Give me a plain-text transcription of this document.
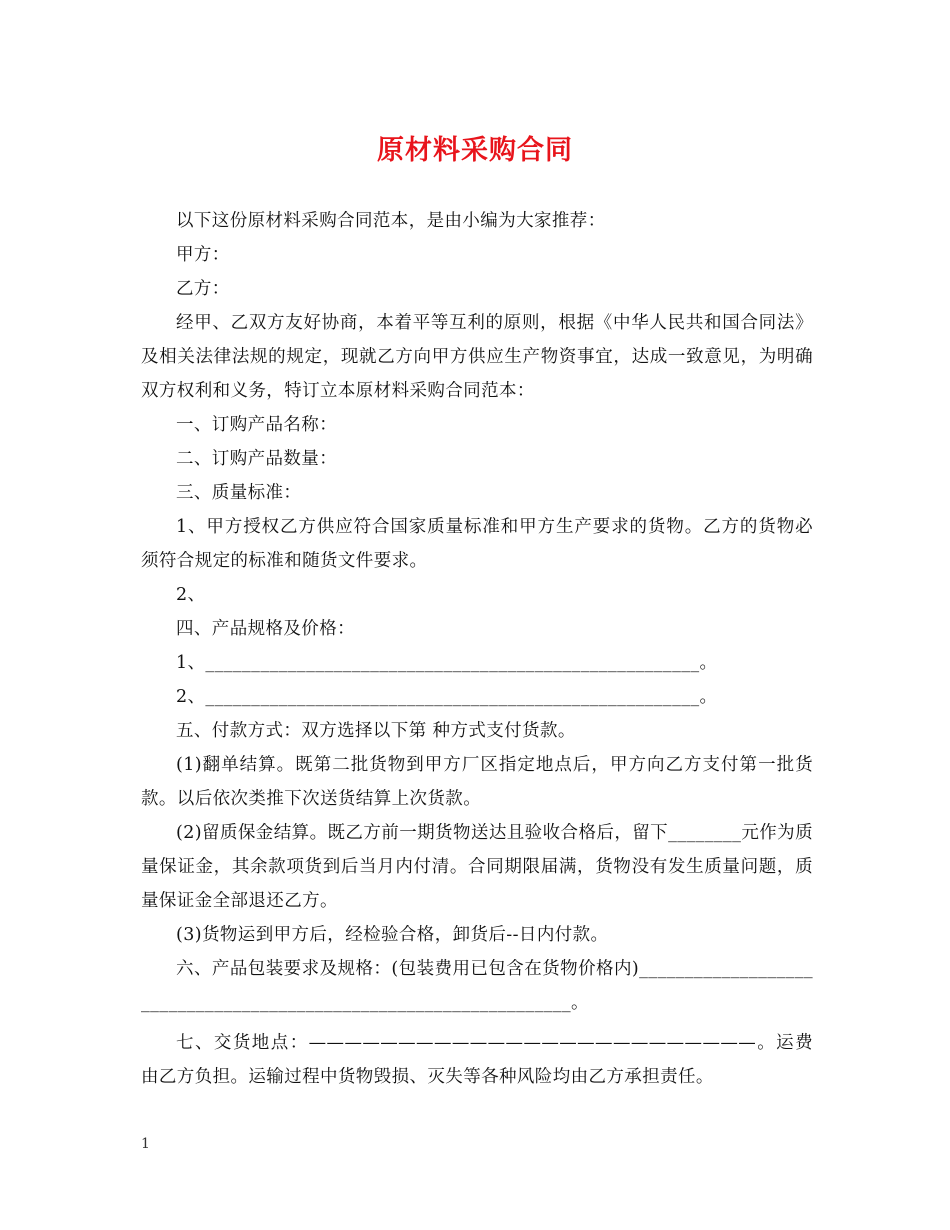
原材料采购合同

以下这份原材料采购合同范本，是由小编为大家推荐：

甲方：

乙方：

经甲、乙双方友好协商，本着平等互利的原则，根据《中华人民共和国合同法》及相关法律法规的规定，现就乙方向甲方供应生产物资事宜，达成一致意见，为明确双方权利和义务，特订立本原材料采购合同范本：

一、订购产品名称：

二、订购产品数量：

三、质量标准：

1、甲方授权乙方供应符合国家质量标准和甲方生产要求的货物。乙方的货物必须符合规定的标准和随货文件要求。

2、

四、产品规格及价格：

1、______________________________________________________。

2、______________________________________________________。

五、付款方式：双方选择以下第 种方式支付货款。

(1)翻单结算。既第二批货物到甲方厂区指定地点后，甲方向乙方支付第一批货款。以后依次类推下次送货结算上次货款。

(2)留质保金结算。既乙方前一期货物送达且验收合格后，留下________元作为质量保证金，其余款项货到后当月内付清。合同期限届满，货物没有发生质量问题，质量保证金全部退还乙方。

(3)货物运到甲方后，经检验合格，卸货后--日内付款。

六、产品包装要求及规格：(包装费用已包含在货物价格内)__________________________________________________________________。

七、交货地点：—————————————————————————。运费由乙方负担。运输过程中货物毁损、灭失等各种风险均由乙方承担责任。

1
